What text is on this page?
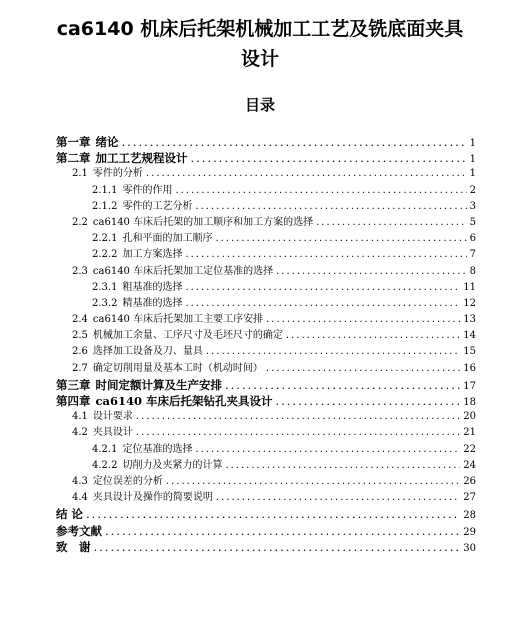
ca6140 机床后托架机械加工工艺及铣底面夹具
设计
目录
第一章 绪论 .....	1
第二章 加工工艺规程设计 .....	1
2.1 零件的分析 .....	1
2.1.1 零件的作用 .....	2
2.1.2 零件的工艺分析 .....	3
2.2 ca6140 车床后托架的加工顺序和加工方案的选择 .....	5
2.2.1 孔和平面的加工顺序 .....	6
2.2.2 加工方案选择 .....	7
2.3 ca6140 车床后托架加工定位基准的选择 .....	8
2.3.1 粗基准的选择 .....	11
2.3.2 精基准的选择 .....	12
2.4 ca6140 车床后托架加工主要工序安排 .....	13
2.5 机械加工余量、工序尺寸及毛坯尺寸的确定 .....	14
2.6 选择加工设备及刀、量具 .....	15
2.7 确定切削用量及基本工时（机动时间） .....	16
第三章 时间定额计算及生产安排 .....	17
第四章 ca6140 车床后托架钻孔夹具设计 .....	18
4.1 设计要求 .....	20
4.2 夹具设计 .....	21
4.2.1 定位基准的选择 .....	22
4.2.2 切削力及夹紧力的计算 .....	24
4.3 定位误差的分析 .....	26
4.4 夹具设计及操作的简要说明 .....	27
结 论 .....	28
参考文献 .....	29
致　谢 .....	30
